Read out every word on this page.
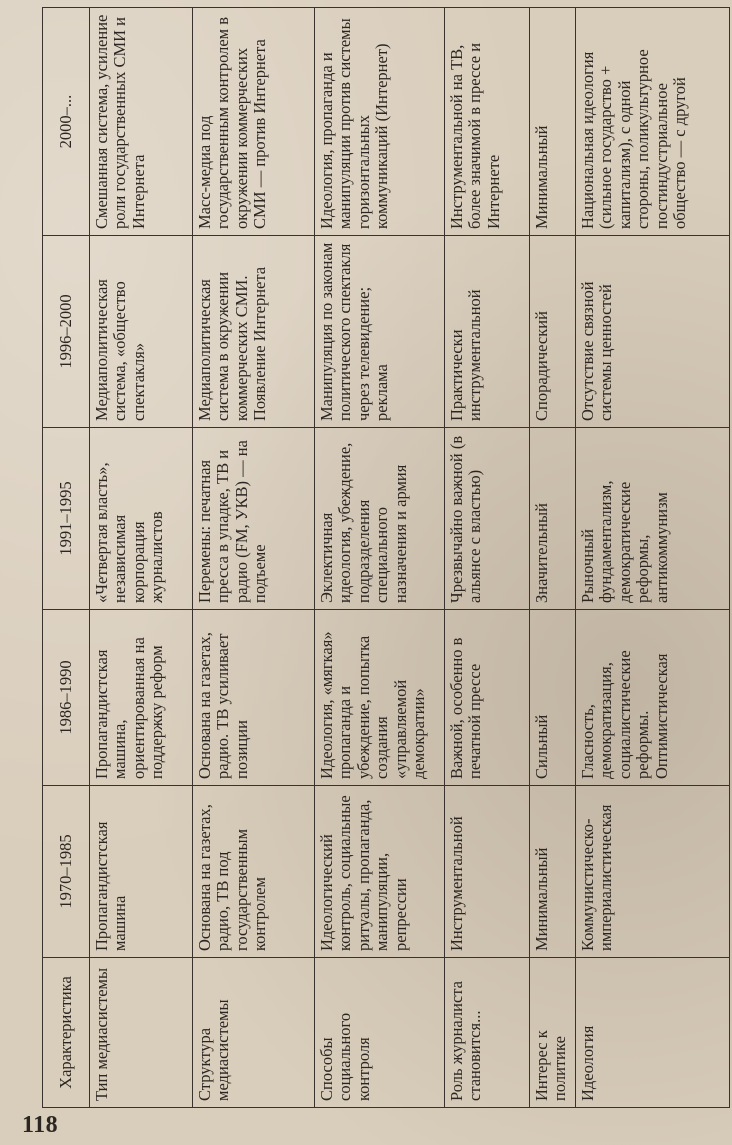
Характеристика	1970–1985	1986–1990	1991–1995	1996–2000	2000–...
Тип медиасистемы	Пропагандистская машина	Пропагандистская машина, ориентированная на поддержку реформ	«Четвертая власть», независимая корпорация журналистов	Медиаполитическая система, «общество спектакля»	Смешанная система, усиление роли государственных СМИ и Интернета
Структура медиасистемы	Основана на газетах, радио, ТВ под государственным контролем	Основана на газетах, радио. ТВ усиливает позиции	Перемены: печатная пресса в упадке, ТВ и радио (FM, УКВ) — на подъеме	Медиаполитическая система в окружении коммерческих СМИ. Появление Интернета	Масс-медиа под государственным контролем в окружении коммерческих СМИ — против Интернета
Способы социального контроля	Идеологический контроль, социальные ритуалы, пропаганда, манипуляции, репрессии	Идеология, «мягкая» пропаганда и убеждение, попытка создания «управляемой демократии»	Эклектичная идеология, убеждение, подразделения специального назначения и армия	Манипуляция по законам политического спектакля через телевидение; реклама	Идеология, пропаганда и манипуляции против системы горизонтальных коммуникаций (Интернет)
Роль журналиста становится...	Инструментальной	Важной, особенно в печатной прессе	Чрезвычайно важной (в альянсе с властью)	Практически инструментальной	Инструментальной на ТВ, более значимой в прессе и Интернете
Интерес к политике	Минимальный	Сильный	Значительный	Спорадический	Минимальный
Идеология	Коммунистическо-империалистическая	Гласность, демократизация, социалистические реформы. Оптимистическая	Рыночный фундаментализм, демократические реформы, антикоммунизм	Отсутствие связной системы ценностей	Национальная идеология (сильное государство + капитализм), с одной стороны, поликультурное постиндустриальное общество — с другой
118
